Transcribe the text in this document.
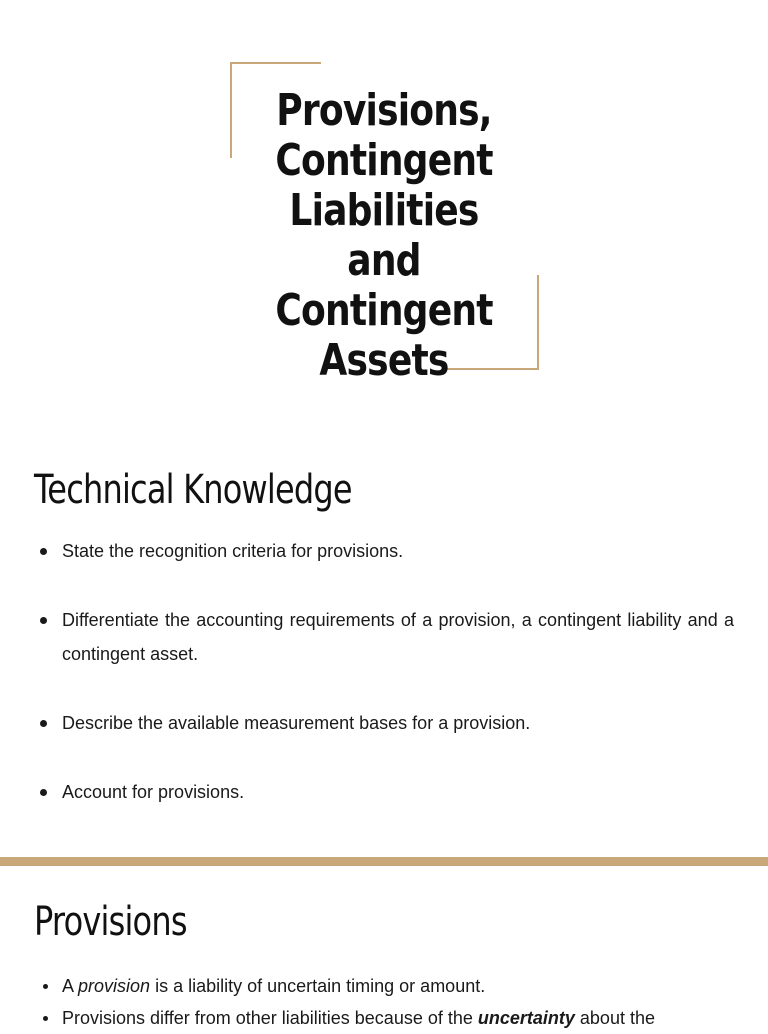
Provisions,
Contingent
Liabilities and
Contingent
Assets
Technical Knowledge
State the recognition criteria for provisions.
Differentiate the accounting requirements of a provision, a contingent liability and a contingent asset.
Describe the available measurement bases for a provision.
Account for provisions.
Provisions
A provision is a liability of uncertain timing or amount.
Provisions differ from other liabilities because of the uncertainty about the
